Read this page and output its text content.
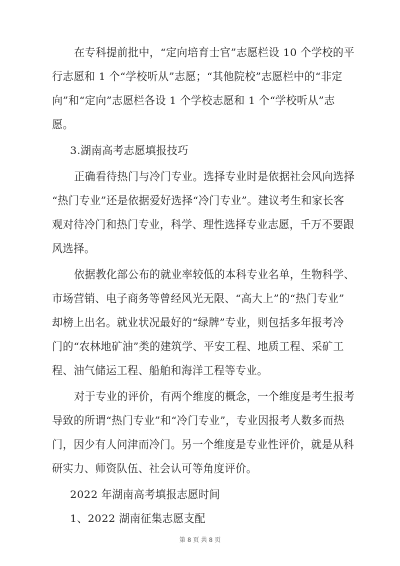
在专科提前批中，“定向培育士官”志愿栏设 10 个学校的平
行志愿和 1 个“学校听从”志愿；“其他院校”志愿栏中的“非定
向”和“定向”志愿栏各设 1 个学校志愿和 1 个“学校听从”志
愿。
3.湖南高考志愿填报技巧
正确看待热门与冷门专业。选择专业时是依据社会风向选择
“热门专业”还是依据爱好选择“冷门专业”。建议考生和家长客
观对待冷门和热门专业，科学、理性选择专业志愿，千万不要跟
风选择。
依据教化部公布的就业率较低的本科专业名单，生物科学、
市场营销、电子商务等曾经风光无限、“高大上”的“热门专业”
却榜上出名。就业状况最好的“绿牌”专业，则包括多年报考冷
门的“农林地矿油”类的建筑学、平安工程、地质工程、采矿工
程、油气储运工程、船舶和海洋工程等专业。
对于专业的评价，有两个维度的概念，一个维度是考生报考
导致的所谓“热门专业”和“冷门专业”，专业因报考人数多而热
门，因少有人问津而冷门。另一个维度是专业性评价，就是从科
研实力、师资队伍、社会认可等角度评价。
2022 年湖南高考填报志愿时间
1、2022 湖南征集志愿支配
第 8 页 共 8 页
